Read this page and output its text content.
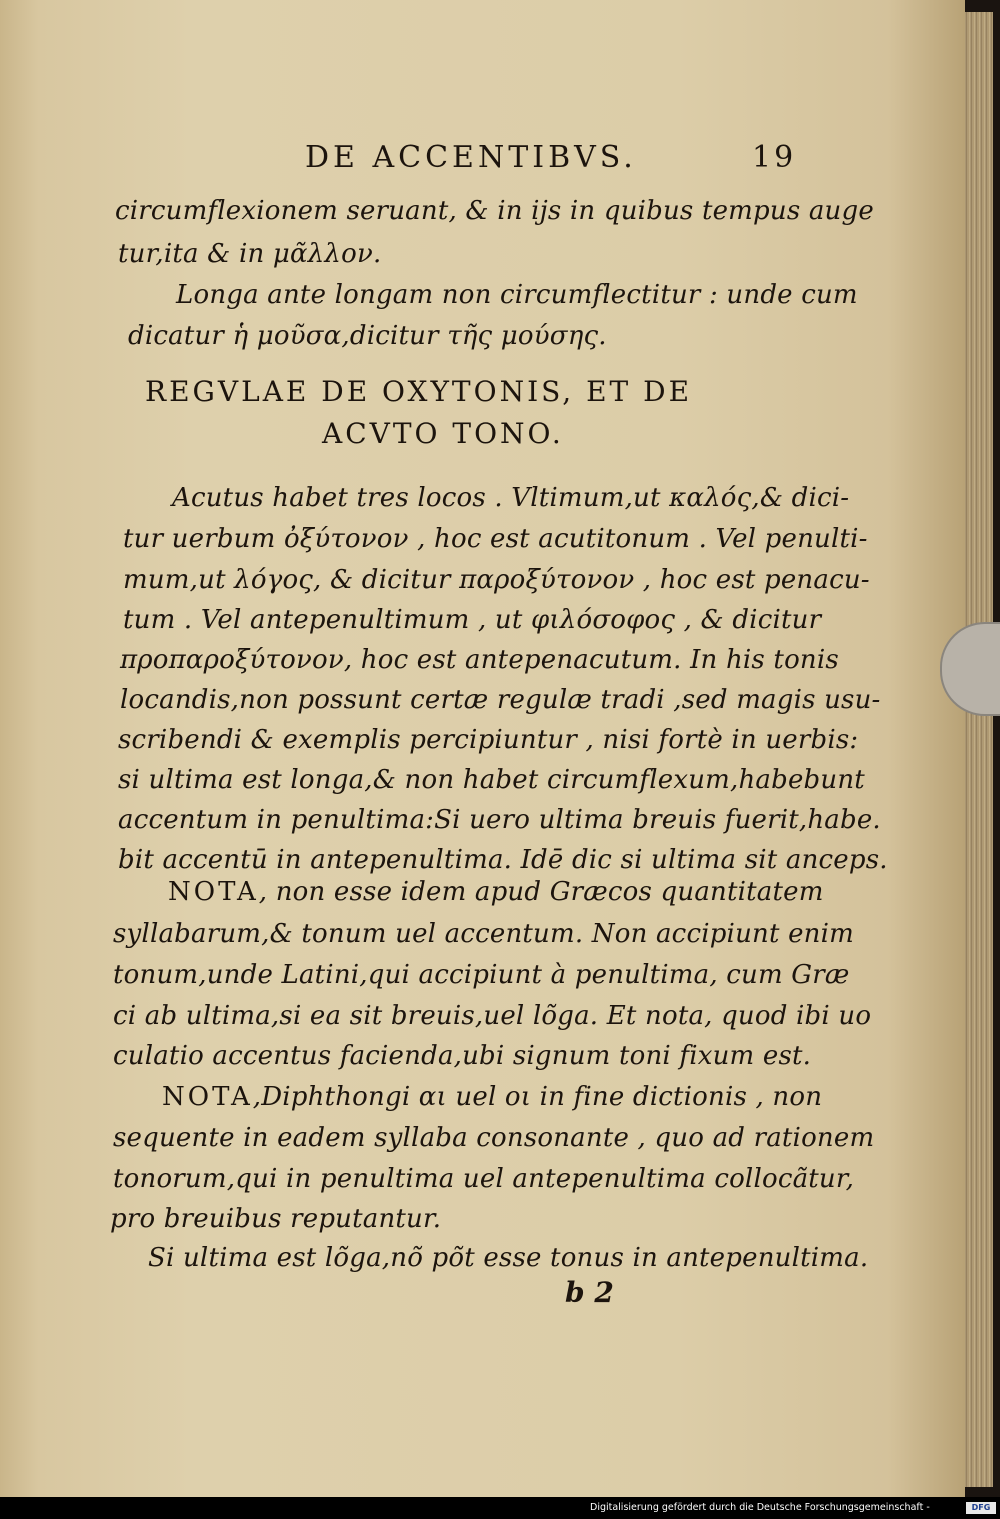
DE ACCENTIBVS.	19
circumflexionem seruant, & in ijs in quibus tempus auge
tur,ita & in μᾶλλον.
Longa ante longam non circumflectitur : unde cum
dicatur ἡ μοῦσα,dicitur τῆς μούσης.
REGVLAE DE OXYTONIS, ET DE
ACVTO TONO.
Acutus habet tres locos . Vltimum,ut καλός,& dici-
tur uerbum ὀξύτονον , hoc est acutitonum . Vel penulti-
mum,ut λόγος, & dicitur παροξύτονον , hoc est penacu-
tum . Vel antepenultimum , ut φιλόσοφος , & dicitur
προπαροξύτονον, hoc est antepenacutum. In his tonis
locandis,non possunt certæ regulæ tradi ,sed magis usu-
scribendi & exemplis percipiuntur , nisi fortè in uerbis:
si ultima est longa,& non habet circumflexum,habebunt
accentum in penultima:Si uero ultima breuis fuerit,habe.
bit accentū in antepenultima. Idē dic si ultima sit anceps.
NOTA, non esse idem apud Græcos quantitatem
syllabarum,& tonum uel accentum. Non accipiunt enim
tonum,unde Latini,qui accipiunt à penultima, cum Græ
ci ab ultima,si ea sit breuis,uel lõga. Et nota, quod ibi uo
culatio accentus facienda,ubi signum toni fixum est.
NOTA,Diphthongi αι uel οι in fine dictionis , non
sequente in eadem syllaba consonante , quo ad rationem
tonorum,qui in penultima uel antepenultima collocãtur,
pro breuibus reputantur.
Si ultima est lõga,nõ põt esse tonus in antepenultima.
b 2
Digitalisierung gefördert durch die Deutsche Forschungsgemeinschaft -	DFG
